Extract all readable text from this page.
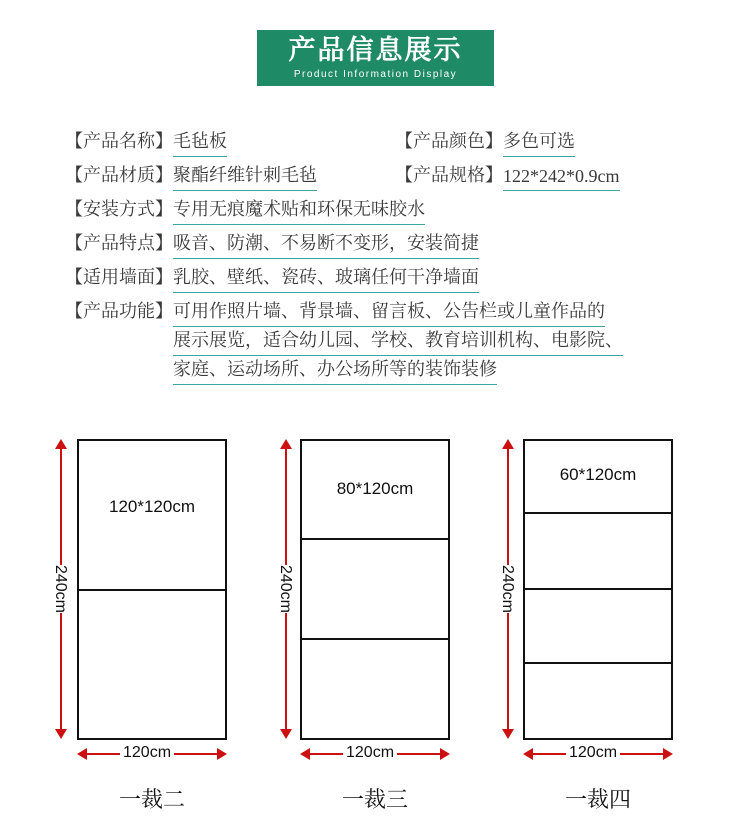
产品信息展示
Product Information Display
【产品名称】 毛毡板	【产品颜色】 多色可选
【产品材质】 聚酯纤维针刺毛毡	【产品规格】 122*242*0.9cm
【安装方式】 专用无痕魔术贴和环保无味胶水
【产品特点】 吸音、防潮、不易断不变形，安装简捷
【适用墙面】 乳胶、壁纸、瓷砖、玻璃任何干净墙面
【产品功能】 可用作照片墙、背景墙、留言板、公告栏或儿童作品的
展示展览，适合幼儿园、学校、教育培训机构、电影院、
家庭、运动场所、办公场所等的装饰装修
240cm
120*120cm
120cm
一裁二
240cm
80*120cm
120cm
一裁三
240cm
60*120cm
120cm
一裁四
